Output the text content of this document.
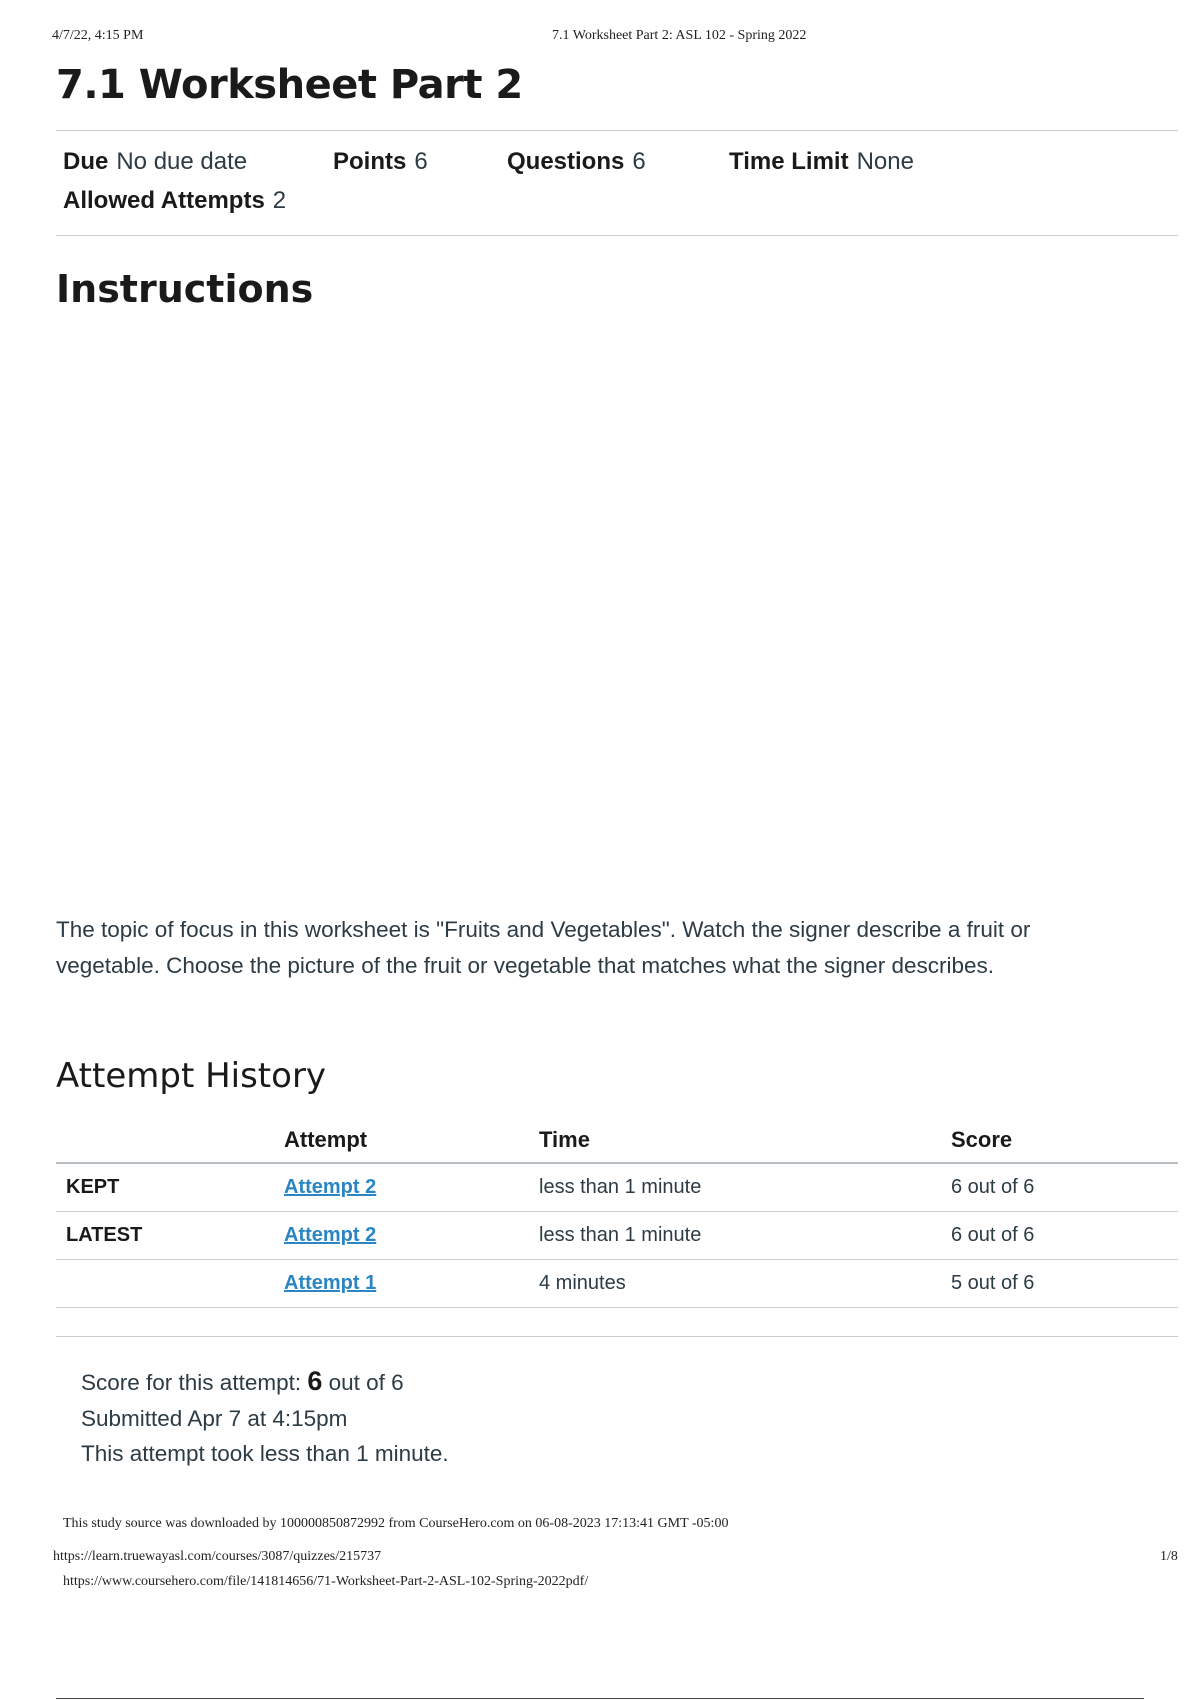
4/7/22, 4:15 PM	7.1 Worksheet Part 2: ASL 102 - Spring 2022
7.1 Worksheet Part 2
Due No due date	Points 6	Questions 6	Time Limit None
Allowed Attempts 2
Instructions

The topic of focus in this worksheet is "Fruits and Vegetables". Watch the signer describe a fruit or
vegetable. Choose the picture of the fruit or vegetable that matches what the signer describes.

Attempt History
	Attempt	Time	Score
KEPT	Attempt 2	less than 1 minute	6 out of 6
LATEST	Attempt 2	less than 1 minute	6 out of 6
	Attempt 1	4 minutes	5 out of 6
Score for this attempt: 6 out of 6
Submitted Apr 7 at 4:15pm
This attempt took less than 1 minute.
This study source was downloaded by 100000850872992 from CourseHero.com on 06-08-2023 17:13:41 GMT -05:00
https://learn.truewayasl.com/courses/3087/quizzes/215737	1/8
https://www.coursehero.com/file/141814656/71-Worksheet-Part-2-ASL-102-Spring-2022pdf/
